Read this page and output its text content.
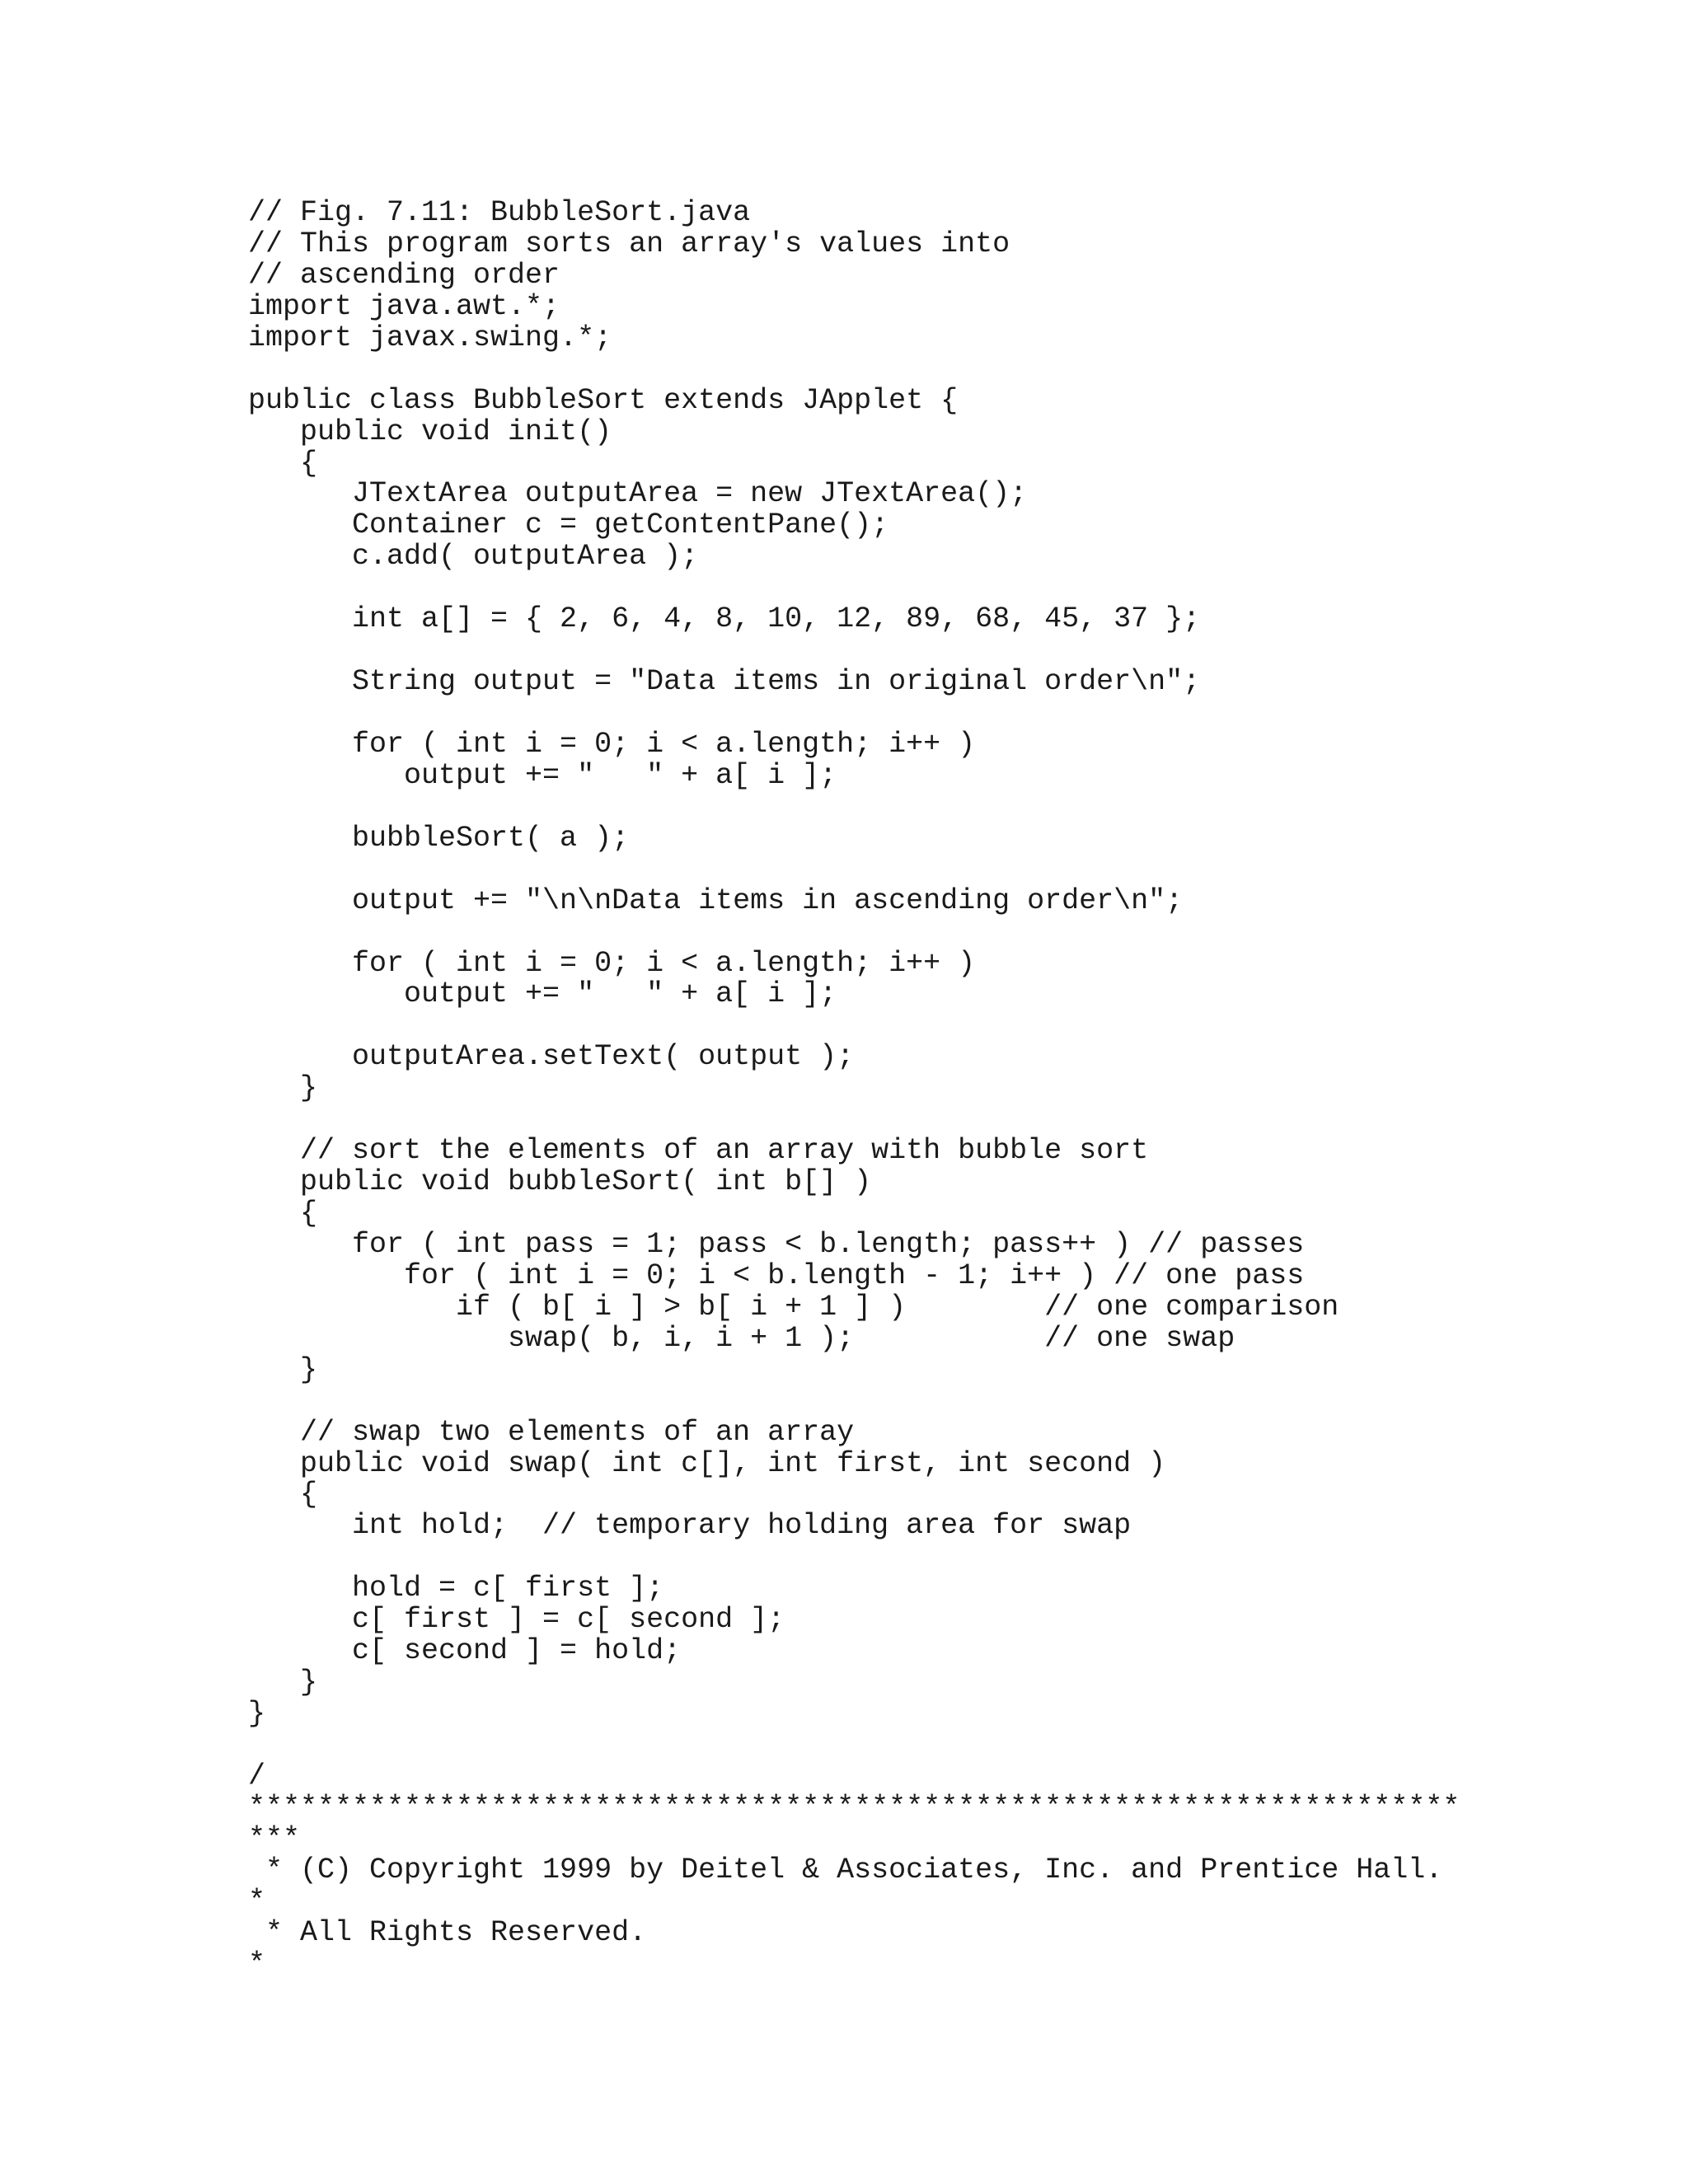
// Fig. 7.11: BubbleSort.java
// This program sorts an array's values into
// ascending order
import java.awt.*;
import javax.swing.*;
public class BubbleSort extends JApplet {
public void init()
{
JTextArea outputArea = new JTextArea();
Container c = getContentPane();
c.add( outputArea );
int a[] = { 2, 6, 4, 8, 10, 12, 89, 68, 45, 37 };
String output = "Data items in original order\n";
for ( int i = 0; i < a.length; i++ )
output += "   " + a[ i ];
bubbleSort( a );
output += "\n\nData items in ascending order\n";
for ( int i = 0; i < a.length; i++ )
output += "   " + a[ i ];
outputArea.setText( output );
}
// sort the elements of an array with bubble sort
public void bubbleSort( int b[] )
{
for ( int pass = 1; pass < b.length; pass++ ) // passes
for ( int i = 0; i < b.length - 1; i++ ) // one pass
if ( b[ i ] > b[ i + 1 ] )        // one comparison
swap( b, i, i + 1 );           // one swap
}
// swap two elements of an array
public void swap( int c[], int first, int second )
{
int hold;  // temporary holding area for swap
hold = c[ first ];
c[ first ] = c[ second ];
c[ second ] = hold;
}
}
/
**********************************************************************
***
* (C) Copyright 1999 by Deitel & Associates, Inc. and Prentice Hall.
*
* All Rights Reserved.
*
